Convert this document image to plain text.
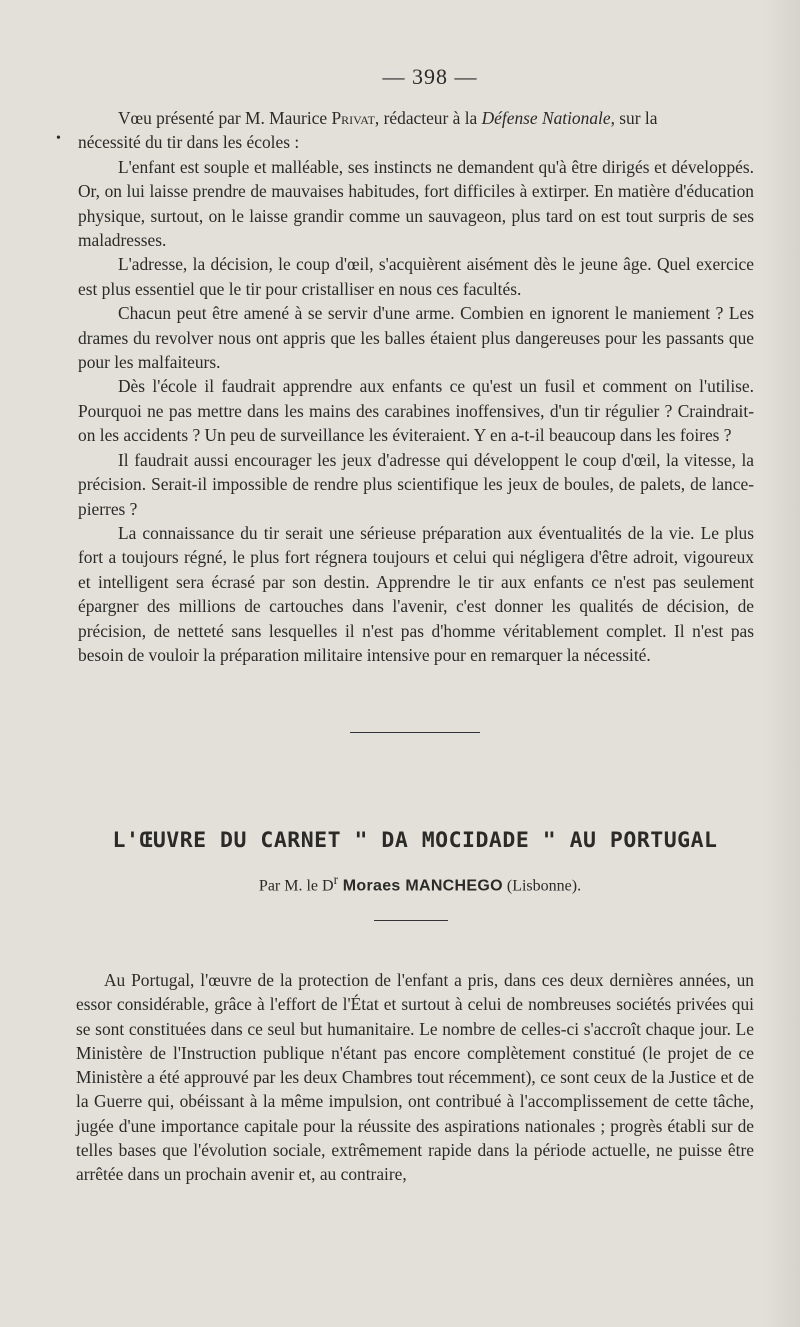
— 398 —
•

Vœu présenté par M. Maurice Privat, rédacteur à la Défense Nationale, sur la
nécessité du tir dans les écoles :

L'enfant est souple et malléable, ses instincts ne demandent qu'à être dirigés et développés. Or, on lui laisse prendre de mauvaises habitudes, fort difficiles à extirper. En matière d'éducation physique, surtout, on le laisse grandir comme un sauvageon, plus tard on est tout surpris de ses maladresses.

L'adresse, la décision, le coup d'œil, s'acquièrent aisément dès le jeune âge. Quel exercice est plus essentiel que le tir pour cristalliser en nous ces facultés.

Chacun peut être amené à se servir d'une arme. Combien en ignorent le maniement ? Les drames du revolver nous ont appris que les balles étaient plus dangereuses pour les passants que pour les malfaiteurs.

Dès l'école il faudrait apprendre aux enfants ce qu'est un fusil et comment on l'utilise. Pourquoi ne pas mettre dans les mains des carabines inoffensives, d'un tir régulier ? Craindrait-on les accidents ? Un peu de surveillance les éviteraient. Y en a-t-il beaucoup dans les foires ?

Il faudrait aussi encourager les jeux d'adresse qui développent le coup d'œil, la vitesse, la précision. Serait-il impossible de rendre plus scientifique les jeux de boules, de palets, de lance-pierres ?

La connaissance du tir serait une sérieuse préparation aux éventualités de la vie. Le plus fort a toujours régné, le plus fort régnera toujours et celui qui négligera d'être adroit, vigoureux et intelligent sera écrasé par son destin. Apprendre le tir aux enfants ce n'est pas seulement épargner des millions de cartouches dans l'avenir, c'est donner les qualités de décision, de précision, de netteté sans lesquelles il n'est pas d'homme véritablement complet. Il n'est pas besoin de vouloir la préparation militaire intensive pour en remarquer la nécessité.

L'ŒUVRE DU CARNET " DA MOCIDADE " AU PORTUGAL
Par M. le $D^r$ Moraes MANCHEGO (Lisbonne).

Au Portugal, l'œuvre de la protection de l'enfant a pris, dans ces deux dernières années, un essor considérable, grâce à l'effort de l'État et surtout à celui de nombreuses sociétés privées qui se sont constituées dans ce seul but humanitaire. Le nombre de celles-ci s'accroît chaque jour. Le Ministère de l'Instruction publique n'étant pas encore complètement constitué (le projet de ce Ministère a été approuvé par les deux Chambres tout récemment), ce sont ceux de la Justice et de la Guerre qui, obéissant à la même impulsion, ont contribué à l'accomplissement de cette tâche, jugée d'une importance capitale pour la réussite des aspirations nationales ; progrès établi sur de telles bases que l'évolution sociale, extrêmement rapide dans la période actuelle, ne puisse être arrêtée dans un prochain avenir et, au contraire,
